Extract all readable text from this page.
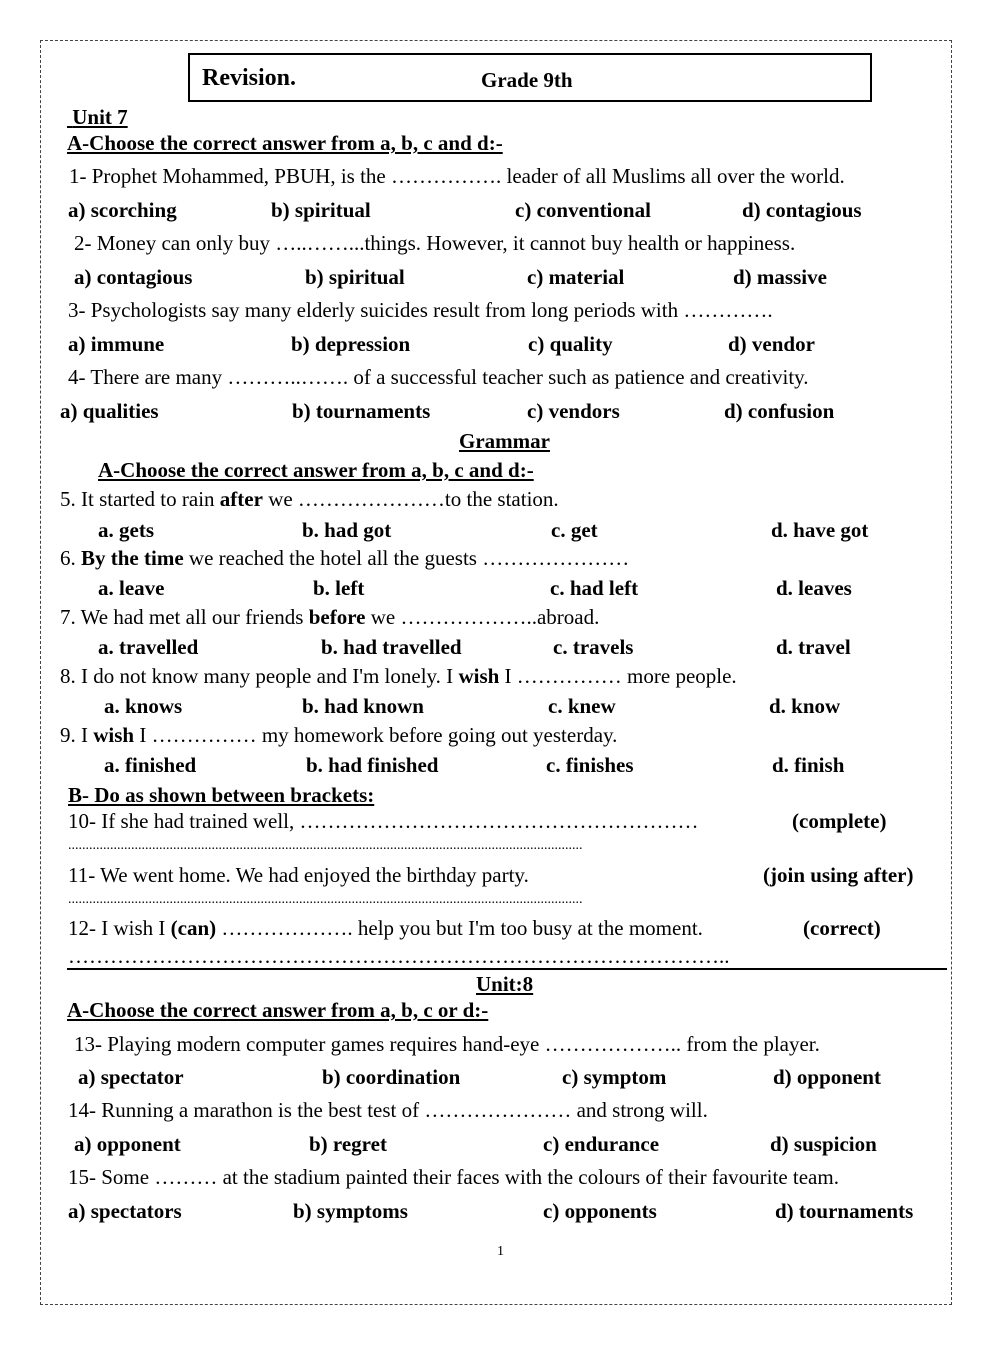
Revision.	Grade 9th
Unit 7
A-Choose the correct answer from a, b, c and d:-
1- Prophet Mohammed, PBUH, is the ……………. leader of all Muslims all over the world.
a) scorching	b) spiritual	c) conventional	d) contagious
2- Money can only buy …..……...things. However, it cannot buy health or happiness.
a) contagious	b) spiritual	c) material	d) massive
3- Psychologists say many elderly suicides result from long periods with ………….
a) immune	b) depression	c) quality	d) vendor
4- There are many ………..……. of a successful teacher such as patience and creativity.
a) qualities	b) tournaments	c) vendors	d) confusion
Grammar
A-Choose the correct answer from a, b, c and d:-
5. It started to rain after we …………………to the station.
a. gets	b. had got	c. get	d. have got
6. By the time we reached the hotel all the guests …………………
a. leave	b. left	c. had left	d. leaves
7. We had met all our friends before we ………………..abroad.
a. travelled	b. had travelled	c. travels	d. travel
8. I do not know many people and I'm lonely. I wish I …………… more people.
a. knows	b. had known	c. knew	d. know
9. I wish I …………… my homework before going out yesterday.
a. finished	b. had finished	c. finishes	d. finish
B- Do as shown between brackets:
10- If she had trained well, …………………………………………………	(complete)
...................................................................................................................................................
11- We went home. We had enjoyed the birthday party.	(join using after)
...................................................................................................................................................
12- I wish I (can) ………………. help you but I'm too busy at the moment.	(correct)
…………………………………………………………………………………..
Unit:8
A-Choose the correct answer from a, b, c or d:-
13- Playing modern computer games requires hand-eye ……………….. from the player.
a) spectator	b) coordination	c) symptom	d) opponent
14- Running a marathon is the best test of ………………… and strong will.
a) opponent	b) regret	c) endurance	d) suspicion
15- Some ……… at the stadium painted their faces with the colours of their favourite team.
a) spectators	b) symptoms	c) opponents	d) tournaments
1
